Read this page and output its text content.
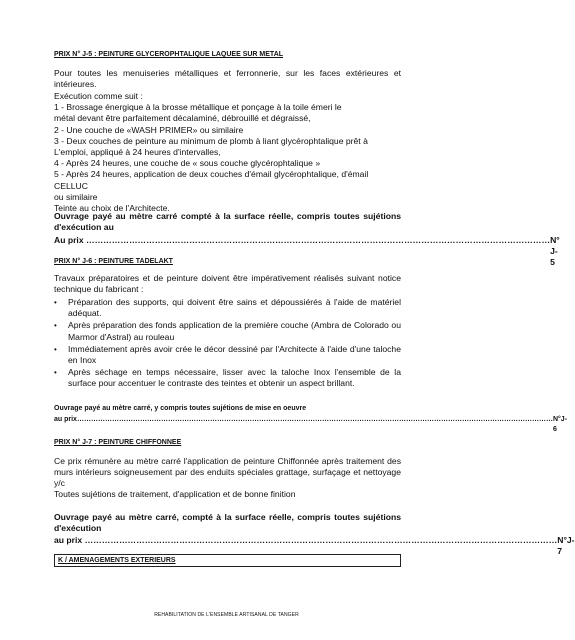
PRIX N° J-5 : PEINTURE GLYCEROPHTALIQUE LAQUEE SUR METAL
Pour toutes les menuiseries métalliques et ferronnerie, sur les faces extérieures et intérieures.
Exécution comme suit :
1 - Brossage énergique à la brosse métallique et ponçage à la toile émeri le
métal devant être parfaitement décalaminé, débrouillé et dégraissé,
2 - Une couche de «WASH PRIMER» ou similaire
3 - Deux couches de peinture au minimum de plomb à liant glycérophtalique prêt à
L'emploi, appliqué à 24 heures d'intervalles,
4 - Après 24 heures, une couche de « sous couche glycérophtalique »
5 - Après 24 heures, application de deux couches d'émail glycérophtalique, d'émail CELLUC
ou similaire
Teinte au choix de l'Architecte.
Ouvrage payé au mètre carré compté à la surface réelle, compris toutes sujétions d'exécution au
Au prix ……………………………………………………………………………………………………………………………………………… N° J-5
PRIX N° J-6 : PEINTURE TADELAKT
Travaux préparatoires et de peinture doivent être impérativement réalisés suivant notice technique du fabricant :
•	Préparation des supports, qui doivent être sains et dépoussiérés à l'aide de matériel adéquat.
•	Après préparation des fonds application de la première couche (Ambra de Colorado ou Marmor d'Astral) au rouleau
•	Immédiatement après avoir crée le décor dessiné par l'Architecte à l'aide d'une taloche en Inox
•	Après séchage en temps nécessaire, lisser avec la taloche Inox l'ensemble de la surface pour accentuer le contraste des teintes et obtenir un aspect brillant.
Ouvrage payé au mètre carré, y compris toutes sujétions de mise en oeuvre
au prix…………………………………………………………………………………………………………………………………………………………………………………… N°J-6
PRIX N° J-7 : PEINTURE CHIFFONNEE
Ce prix rémunère au mètre carré l'application de peinture Chiffonnée après traitement des murs intérieurs soigneusement par des enduits spéciales grattage, surfaçage et nettoyage y/c
Toutes sujétions de traitement, d'application et de bonne finition
Ouvrage payé au mètre carré, compté à la surface réelle, compris toutes sujétions d'exécution
au prix ………………………………………………………………………………………………………………………………………………… N°J-7
K / AMENAGEMENTS EXTERIEURS
REHABILITATION DE L'ENSEMBLE ARTISANAL DE TANGER
